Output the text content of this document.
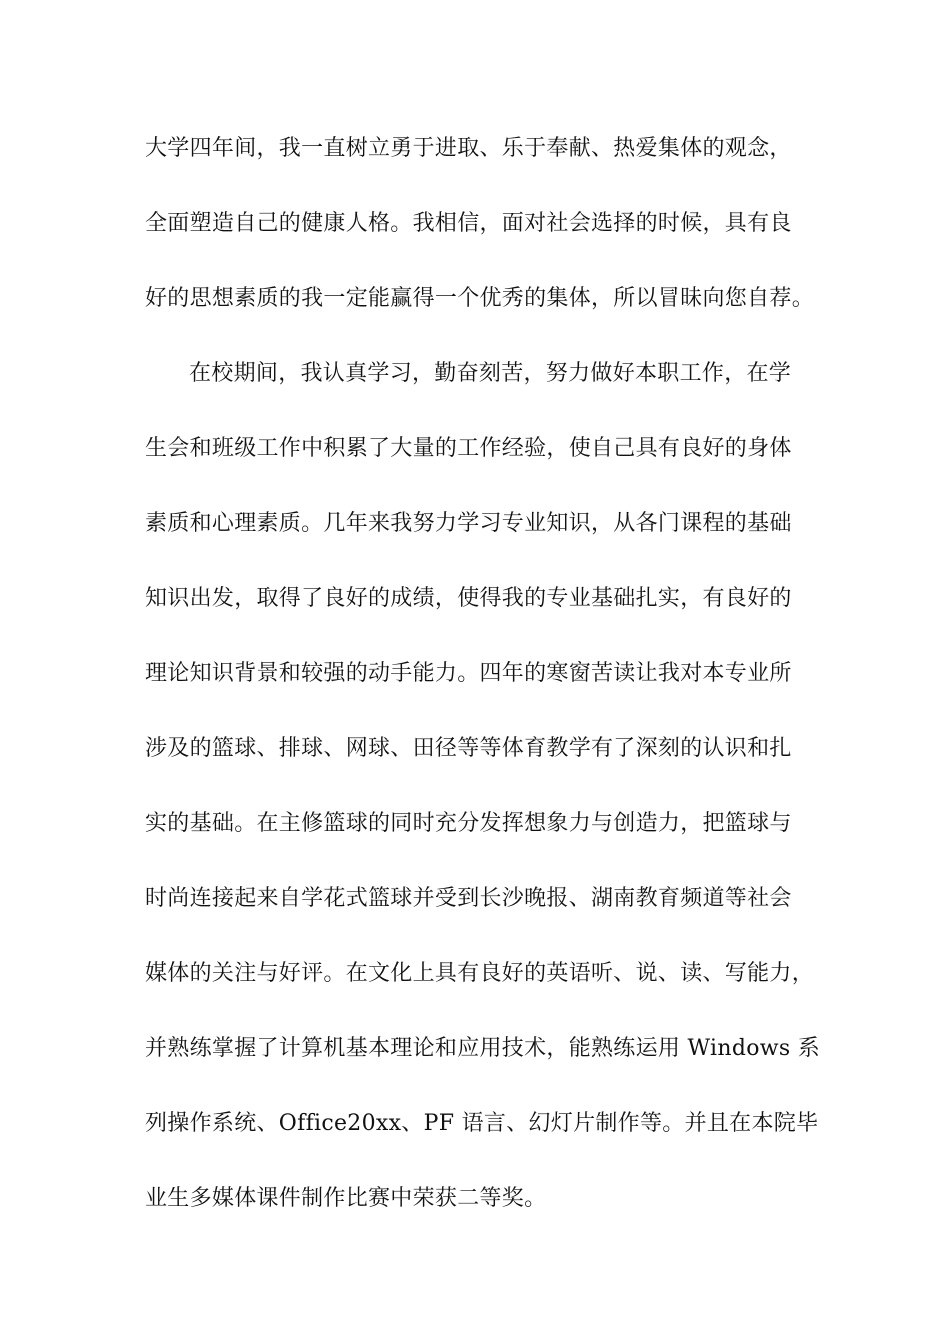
大学四年间，我一直树立勇于进取、乐于奉献、热爱集体的观念，
全面塑造自己的健康人格。我相信，面对社会选择的时候，具有良
好的思想素质的我一定能赢得一个优秀的集体，所以冒昧向您自荐。
在校期间，我认真学习，勤奋刻苦，努力做好本职工作，在学
生会和班级工作中积累了大量的工作经验，使自己具有良好的身体
素质和心理素质。几年来我努力学习专业知识，从各门课程的基础
知识出发，取得了良好的成绩，使得我的专业基础扎实，有良好的
理论知识背景和较强的动手能力。四年的寒窗苦读让我对本专业所
涉及的篮球、排球、网球、田径等等体育教学有了深刻的认识和扎
实的基础。在主修篮球的同时充分发挥想象力与创造力，把篮球与
时尚连接起来自学花式篮球并受到长沙晚报、湖南教育频道等社会
媒体的关注与好评。在文化上具有良好的英语听、说、读、写能力，
并熟练掌握了计算机基本理论和应用技术，能熟练运用 Windows 系
列操作系统、Office20xx、PF 语言、幻灯片制作等。并且在本院毕
业生多媒体课件制作比赛中荣获二等奖。
